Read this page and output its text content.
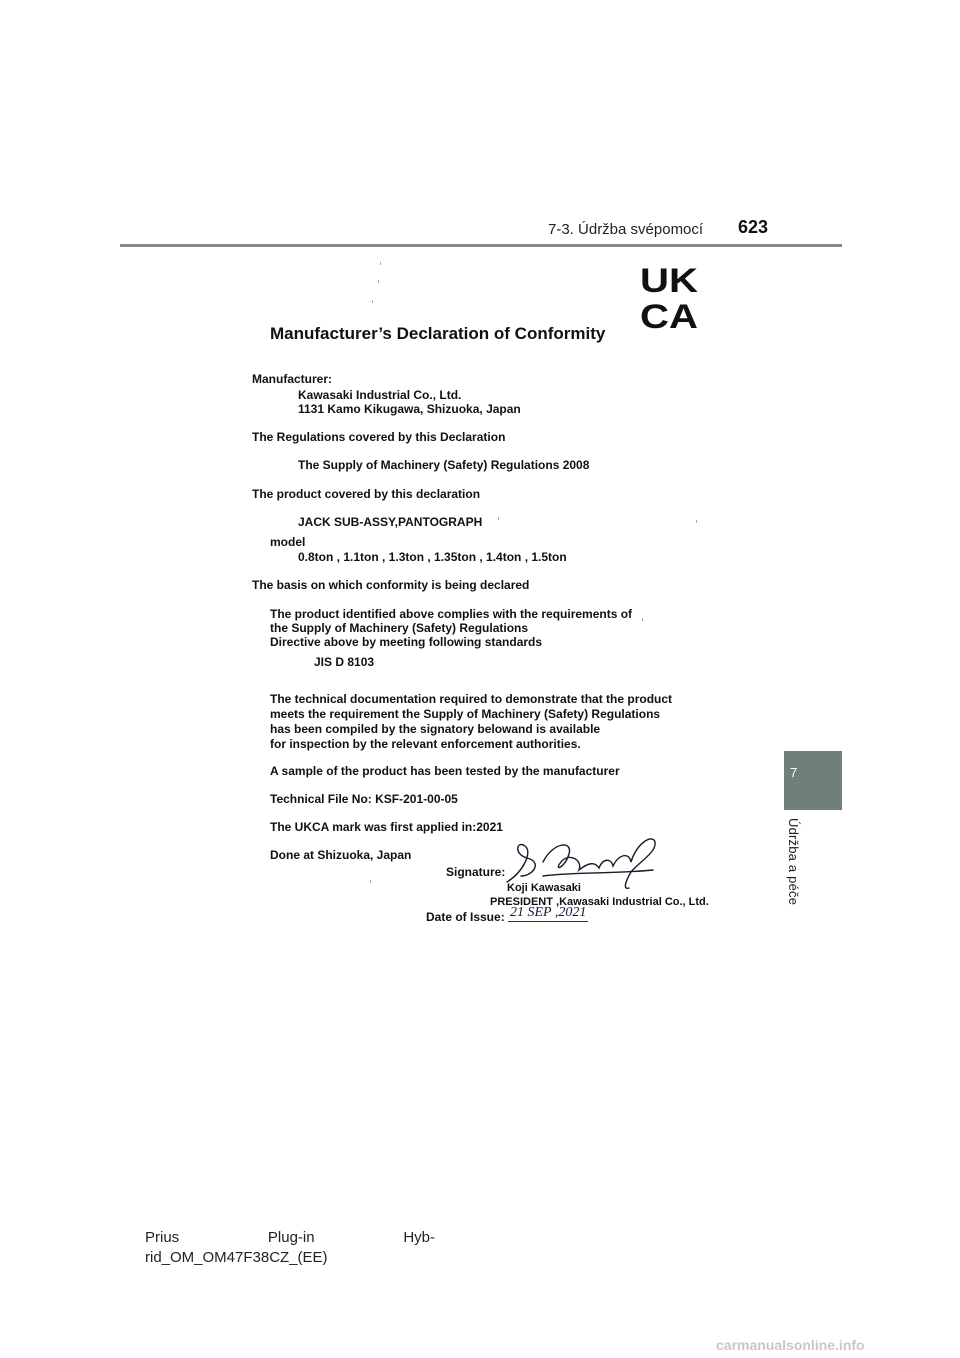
7-3. Údržba svépomocí 623
7
Údržba a péče
UK
CA
Manufacturer’s Declaration of Conformity
Manufacturer:
Kawasaki Industrial Co., Ltd.
1131 Kamo Kikugawa, Shizuoka, Japan
The Regulations covered by this Declaration
The Supply of Machinery (Safety) Regulations 2008
The product covered by this declaration
JACK SUB-ASSY,PANTOGRAPH
model
0.8ton , 1.1ton , 1.3ton , 1.35ton , 1.4ton , 1.5ton
The basis on which conformity is being declared
The product identified above complies with the requirements of
the Supply of Machinery (Safety) Regulations
Directive above by meeting following standards
JIS D 8103
The technical documentation required to demonstrate that the product
meets the requirement the Supply of Machinery (Safety) Regulations
has been compiled by the signatory belowand is available
for inspection by the relevant enforcement authorities.
A sample of the product has been tested by the manufacturer
Technical File No: KSF-201-00-05
The UKCA mark was first applied in:2021
Done at Shizuoka, Japan
Signature:
Koji Kawasaki
PRESIDENT ,Kawasaki Industrial Co., Ltd.
Date of Issue: 21 SEP ,2021
Prius	Plug-in	Hyb-
rid_OM_OM47F38CZ_(EE)
carmanualsonline.info
